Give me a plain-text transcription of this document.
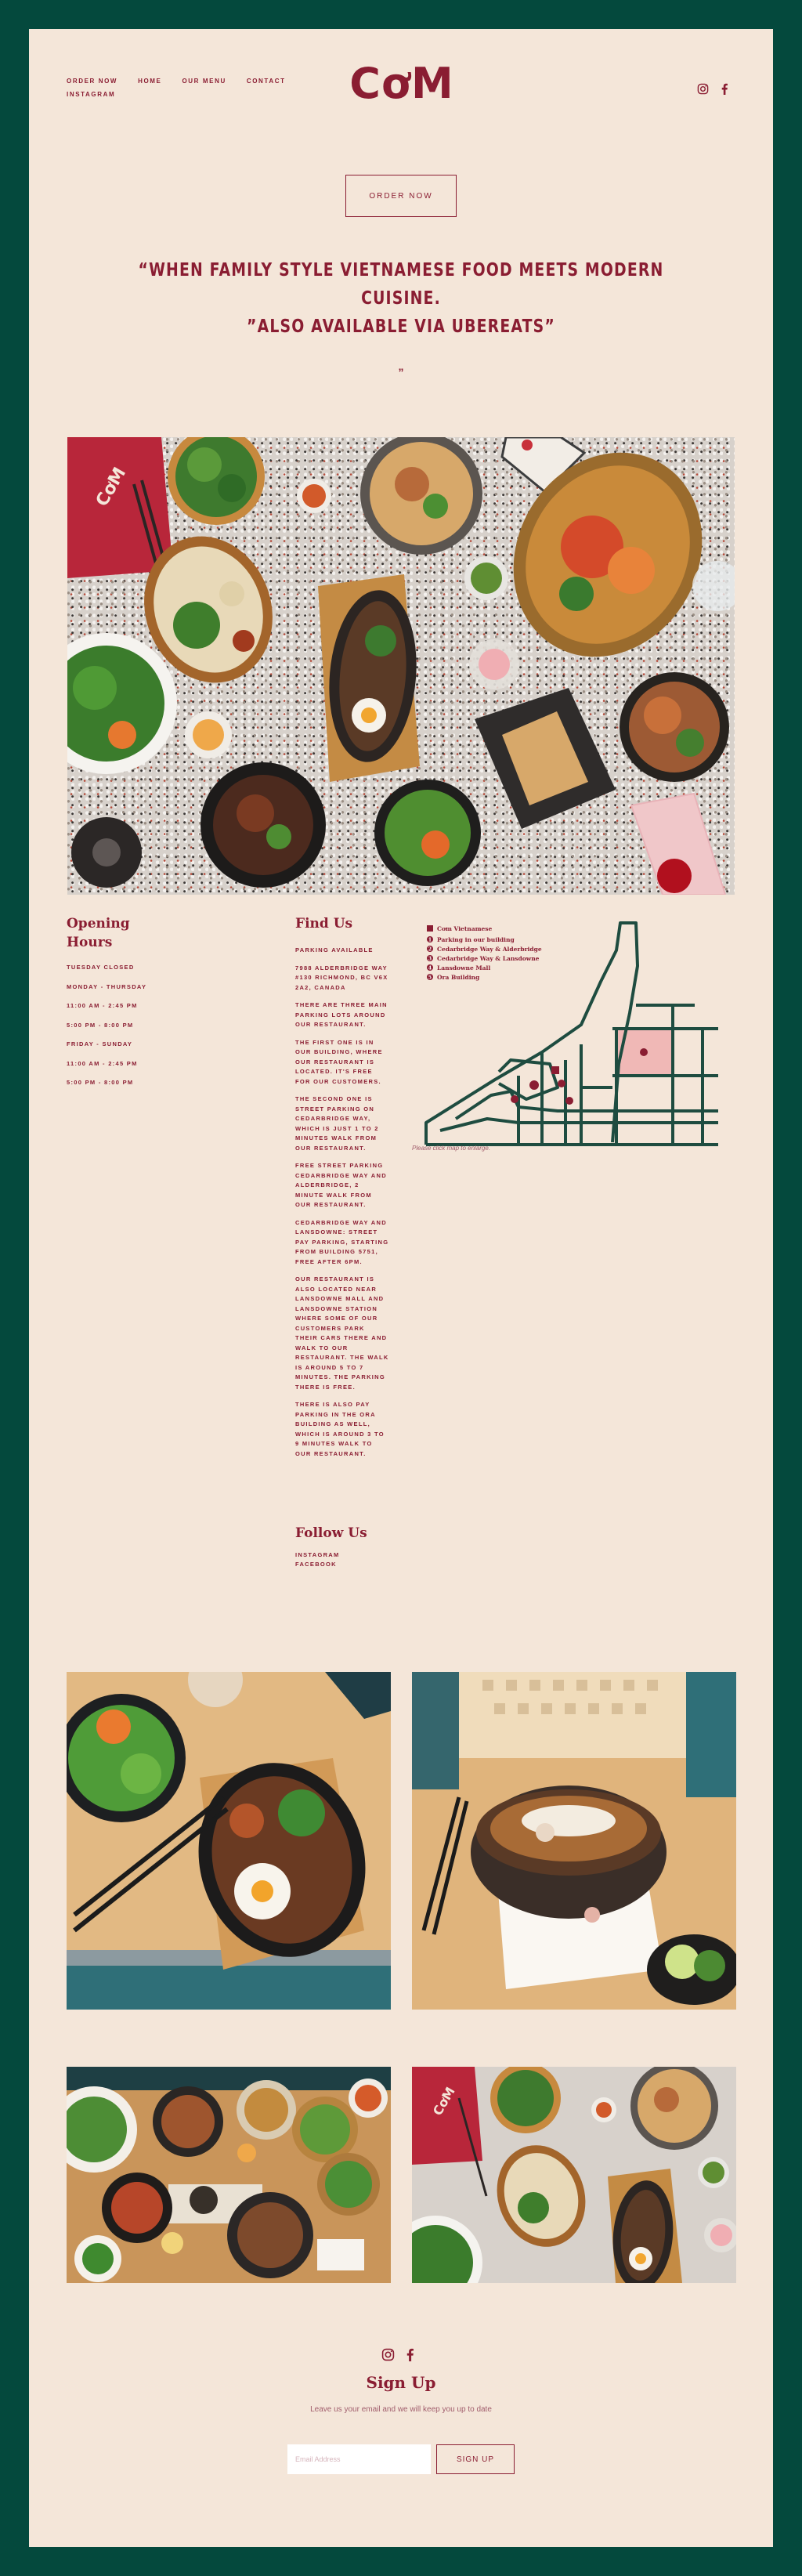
ORDER NOW	HOME	OUR MENU	CONTACT
INSTAGRAM	CơM
ORDER NOW
“WHEN FAMILY STYLE VIETNAMESE FOOD MEETS MODERN CUISINE.
”ALSO AVAILABLE VIA UBEREATS”
”
CơM
Opening
Hours
TUESDAY CLOSED
MONDAY - THURSDAY
11:00 AM - 2:45 PM
5:00 PM - 8:00 PM
FRIDAY - SUNDAY
11:00 AM - 2:45 PM
5:00 PM - 8:00 PM
Find Us
PARKING AVAILABLE
7988 ALDERBRIDGE WAY #130 RICHMOND, BC V6X 2A2, CANADA
THERE ARE THREE MAIN PARKING LOTS AROUND OUR RESTAURANT.
THE FIRST ONE IS IN OUR BUILDING, WHERE OUR RESTAURANT IS LOCATED. IT'S FREE FOR OUR CUSTOMERS.
THE SECOND ONE IS STREET PARKING ON CEDARBRIDGE WAY, WHICH IS JUST 1 TO 2 MINUTES WALK FROM OUR RESTAURANT.
FREE STREET PARKING CEDARBRIDGE WAY AND ALDERBRIDGE, 2 MINUTE WALK FROM OUR RESTAURANT.
CEDARBRIDGE WAY AND LANSDOWNE: STREET PAY PARKING, STARTING FROM BUILDING 5751, FREE AFTER 6PM.
OUR RESTAURANT IS ALSO LOCATED NEAR LANSDOWNE MALL AND LANSDOWNE STATION WHERE SOME OF OUR CUSTOMERS PARK THEIR CARS THERE AND WALK TO OUR RESTAURANT. THE WALK IS AROUND 5 TO 7 MINUTES. THE PARKING THERE IS FREE.
THERE IS ALSO PAY PARKING IN THE ORA BUILDING AS WELL, WHICH IS AROUND 3 TO 9 MINUTES WALK TO OUR RESTAURANT.
Follow Us
INSTAGRAM
FACEBOOK
Cơm Vietnamese
1 Parking in our building
2 Cedarbridge Way & Alderbridge
3 Cedarbridge Way & Lansdowne
4 Lansdowne Mall
5 Ora Building
Please click map to enlarge.
CơM
Sign Up
Leave us your email and we will keep you up to date
Email Address
SIGN UP
